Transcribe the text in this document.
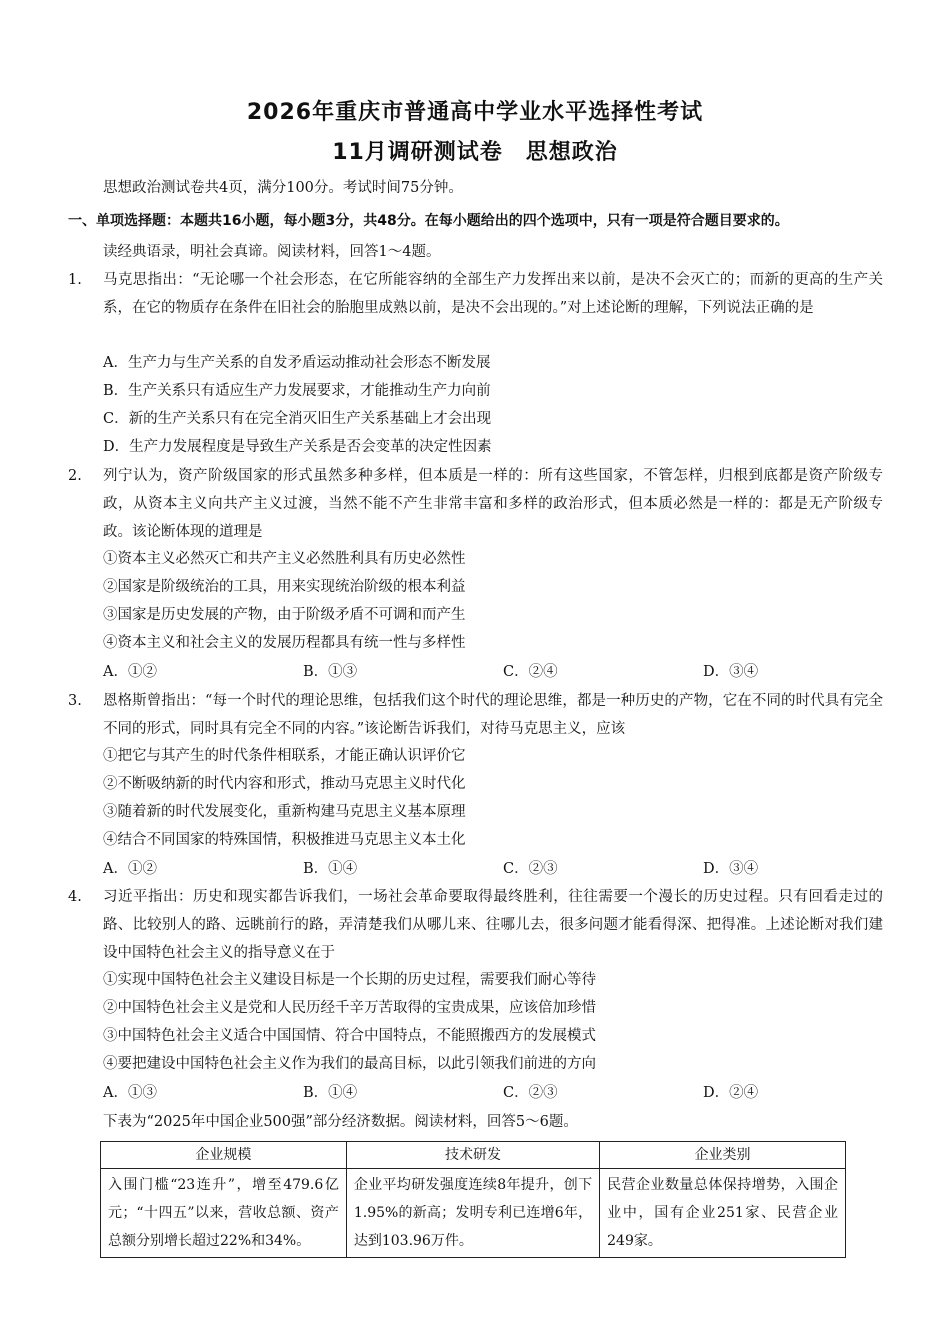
2026年重庆市普通高中学业水平选择性考试
11月调研测试卷　思想政治
思想政治测试卷共4页，满分100分。考试时间75分钟。
一、单项选择题：本题共16小题，每小题3分，共48分。在每小题给出的四个选项中，只有一项是符合题目要求的。
读经典语录，明社会真谛。阅读材料，回答1～4题。
1. 马克思指出：“无论哪一个社会形态，在它所能容纳的全部生产力发挥出来以前，是决不会灭亡的；而新的更高的生产关系，在它的物质存在条件在旧社会的胎胞里成熟以前，是决不会出现的。”对上述论断的理解，下列说法正确的是
A．生产力与生产关系的自发矛盾运动推动社会形态不断发展
B．生产关系只有适应生产力发展要求，才能推动生产力向前
C．新的生产关系只有在完全消灭旧生产关系基础上才会出现
D．生产力发展程度是导致生产关系是否会变革的决定性因素
2. 列宁认为，资产阶级国家的形式虽然多种多样，但本质是一样的：所有这些国家，不管怎样，归根到底都是资产阶级专政，从资本主义向共产主义过渡，当然不能不产生非常丰富和多样的政治形式，但本质必然是一样的：都是无产阶级专政。该论断体现的道理是
①资本主义必然灭亡和共产主义必然胜利具有历史必然性
②国家是阶级统治的工具，用来实现统治阶级的根本利益
③国家是历史发展的产物，由于阶级矛盾不可调和而产生
④资本主义和社会主义的发展历程都具有统一性与多样性
A．①②	B．①③	C．②④	D．③④
3. 恩格斯曾指出：“每一个时代的理论思维，包括我们这个时代的理论思维，都是一种历史的产物，它在不同的时代具有完全不同的形式，同时具有完全不同的内容。”该论断告诉我们，对待马克思主义，应该
①把它与其产生的时代条件相联系，才能正确认识评价它
②不断吸纳新的时代内容和形式，推动马克思主义时代化
③随着新的时代发展变化，重新构建马克思主义基本原理
④结合不同国家的特殊国情，积极推进马克思主义本土化
A．①②	B．①④	C．②③	D．③④
4. 习近平指出：历史和现实都告诉我们，一场社会革命要取得最终胜利，往往需要一个漫长的历史过程。只有回看走过的路、比较别人的路、远眺前行的路，弄清楚我们从哪儿来、往哪儿去，很多问题才能看得深、把得准。上述论断对我们建设中国特色社会主义的指导意义在于
①实现中国特色社会主义建设目标是一个长期的历史过程，需要我们耐心等待
②中国特色社会主义是党和人民历经千辛万苦取得的宝贵成果，应该倍加珍惜
③中国特色社会主义适合中国国情、符合中国特点，不能照搬西方的发展模式
④要把建设中国特色社会主义作为我们的最高目标，以此引领我们前进的方向
A．①③	B．①④	C．②③	D．②④
下表为“2025年中国企业500强”部分经济数据。阅读材料，回答5～6题。
企业规模	技术研发	企业类别
入围门槛“23连升”，增至479.6亿元；“十四五”以来，营收总额、资产总额分别增长超过22%和34%。	企业平均研发强度连续8年提升，创下1.95%的新高；发明专利已连增6年，达到103.96万件。	民营企业数量总体保持增势，入围企业中，国有企业251家、民营企业249家。
